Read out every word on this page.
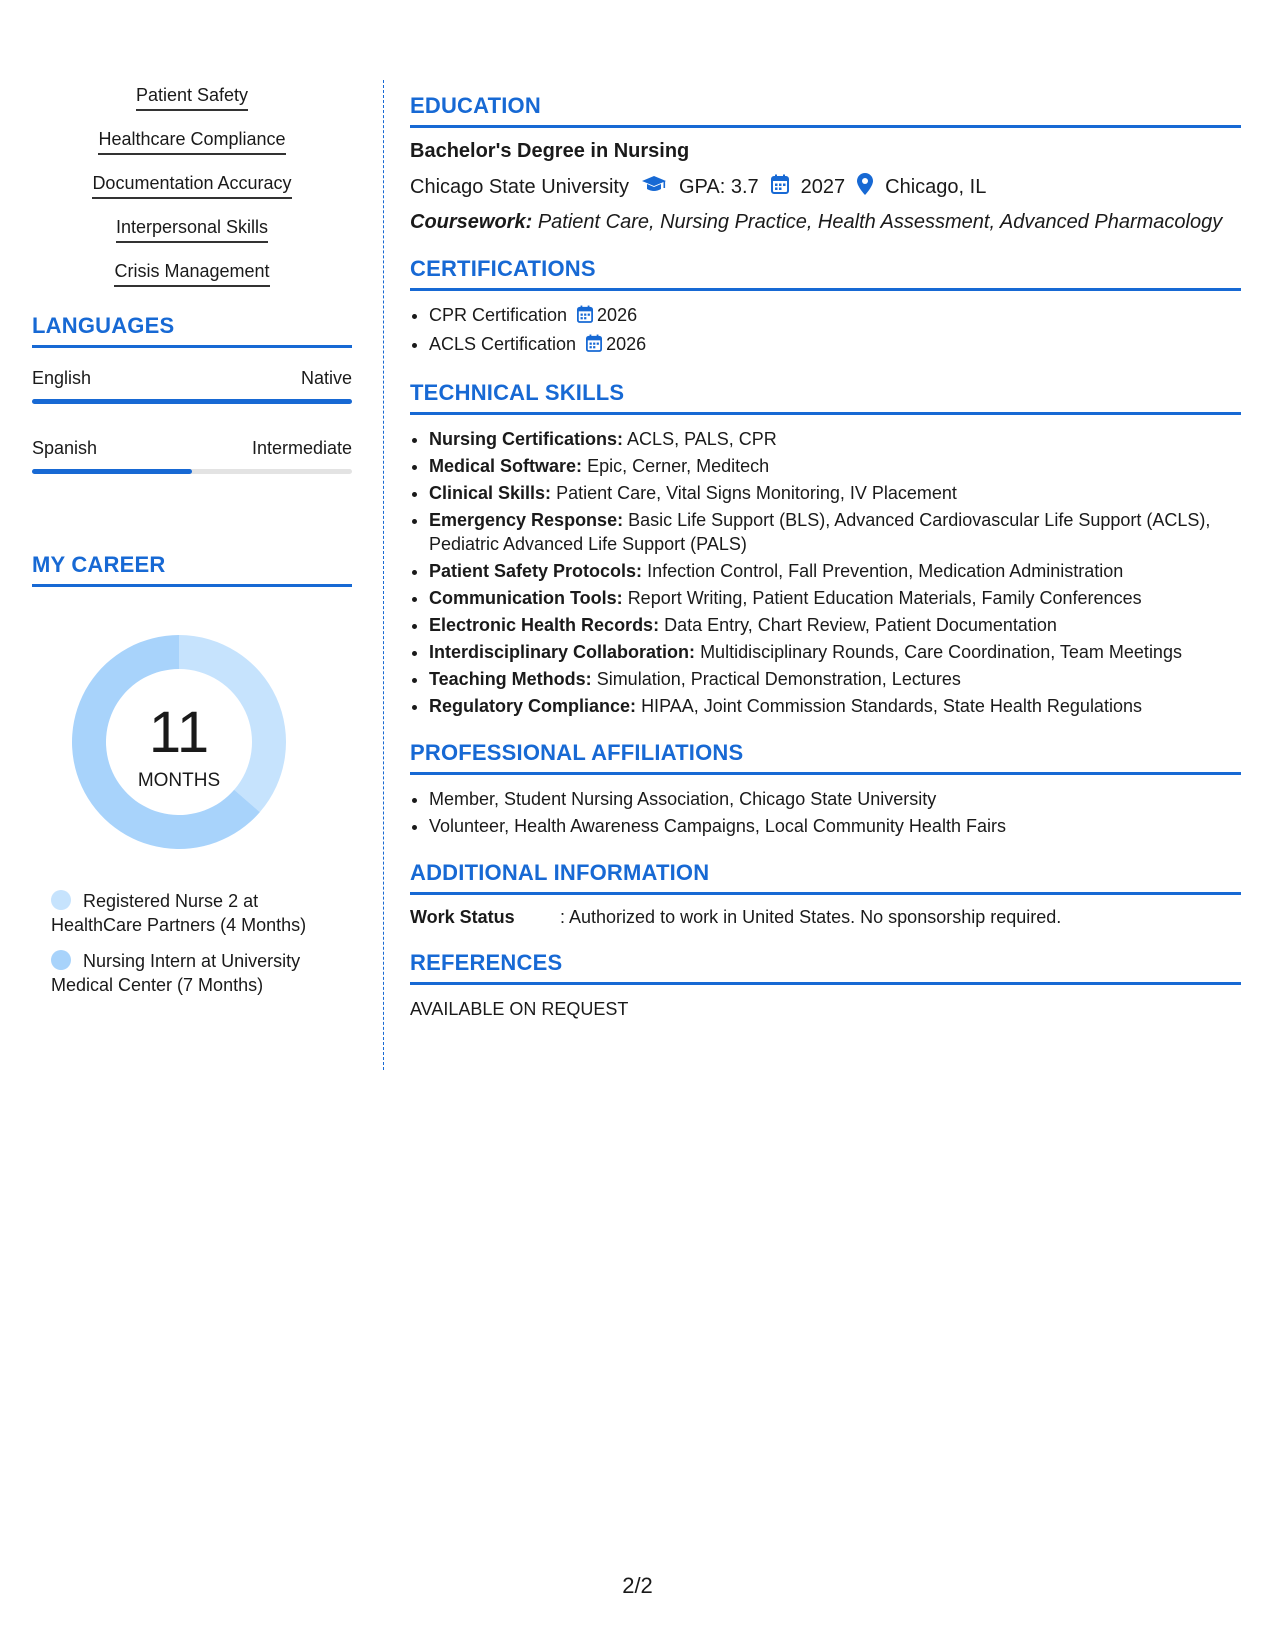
Patient Safety
Healthcare Compliance
Documentation Accuracy
Interpersonal Skills
Crisis Management
LANGUAGES
English	Native
Spanish	Intermediate
MY CAREER
11
MONTHS
Registered Nurse 2 at HealthCare Partners (4 Months)
Nursing Intern at University Medical Center (7 Months)
EDUCATION
Bachelor's Degree in Nursing
Chicago State University	GPA: 3.7 2027 Chicago, IL
Coursework: Patient Care, Nursing Practice, Health Assessment, Advanced Pharmacology
CERTIFICATIONS
• CPR Certification 2026
• ACLS Certification 2026
TECHNICAL SKILLS
• Nursing Certifications: ACLS, PALS, CPR
• Medical Software: Epic, Cerner, Meditech
• Clinical Skills: Patient Care, Vital Signs Monitoring, IV Placement
• Emergency Response: Basic Life Support (BLS), Advanced Cardiovascular Life Support (ACLS), Pediatric Advanced Life Support (PALS)
• Patient Safety Protocols: Infection Control, Fall Prevention, Medication Administration
• Communication Tools: Report Writing, Patient Education Materials, Family Conferences
• Electronic Health Records: Data Entry, Chart Review, Patient Documentation
• Interdisciplinary Collaboration: Multidisciplinary Rounds, Care Coordination, Team Meetings
• Teaching Methods: Simulation, Practical Demonstration, Lectures
• Regulatory Compliance: HIPAA, Joint Commission Standards, State Health Regulations
PROFESSIONAL AFFILIATIONS
• Member, Student Nursing Association, Chicago State University
• Volunteer, Health Awareness Campaigns, Local Community Health Fairs
ADDITIONAL INFORMATION
Work Status	: Authorized to work in United States. No sponsorship required.
REFERENCES
AVAILABLE ON REQUEST
2/2
